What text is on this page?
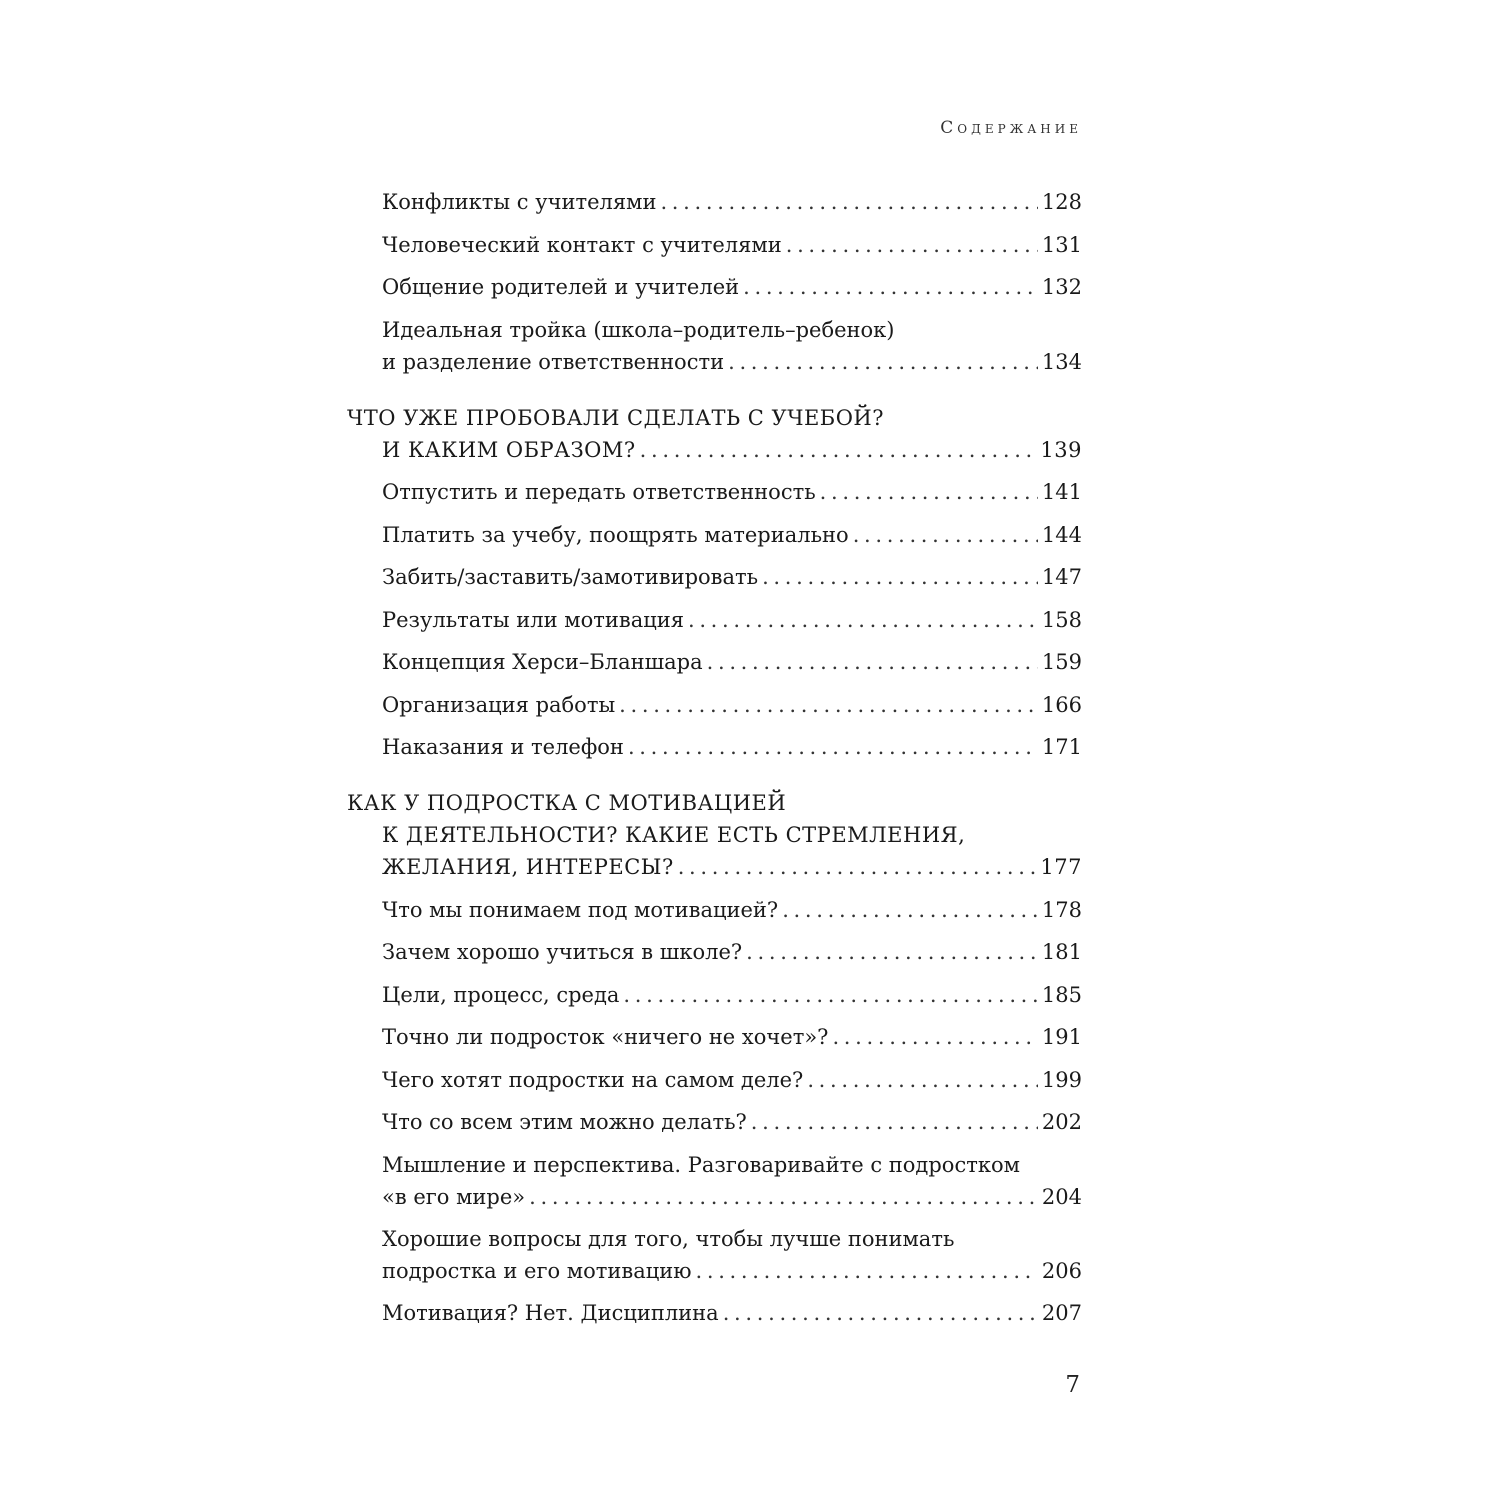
Содержание
Конфликты с учителями . . .	128
Человеческий контакт с учителями . . .	131
Общение родителей и учителей . . .	132
Идеальная тройка (школа–родитель–ребенок)
и разделение ответственности . . .	134
ЧТО УЖЕ ПРОБОВАЛИ СДЕЛАТЬ С УЧЕБОЙ?
И КАКИМ ОБРАЗОМ? . . .	139
Отпустить и передать ответственность . . .	141
Платить за учебу, поощрять материально . . .	144
Забить/заставить/замотивировать . . .	147
Результаты или мотивация . . .	158
Концепция Херси–Бланшара . . .	159
Организация работы . . .	166
Наказания и телефон . . .	171
КАК У ПОДРОСТКА С МОТИВАЦИЕЙ
К ДЕЯТЕЛЬНОСТИ? КАКИЕ ЕСТЬ СТРЕМЛЕНИЯ,
ЖЕЛАНИЯ, ИНТЕРЕСЫ? . . .	177
Что мы понимаем под мотивацией? . . .	178
Зачем хорошо учиться в школе? . . .	181
Цели, процесс, среда . . .	185
Точно ли подросток «ничего не хочет»? . . .	191
Чего хотят подростки на самом деле? . . .	199
Что со всем этим можно делать? . . .	202
Мышление и перспектива. Разговаривайте с подростком
«в его мире» . . .	204
Хорошие вопросы для того, чтобы лучше понимать
подростка и его мотивацию . . .	206
Мотивация? Нет. Дисциплина . . .	207
7
